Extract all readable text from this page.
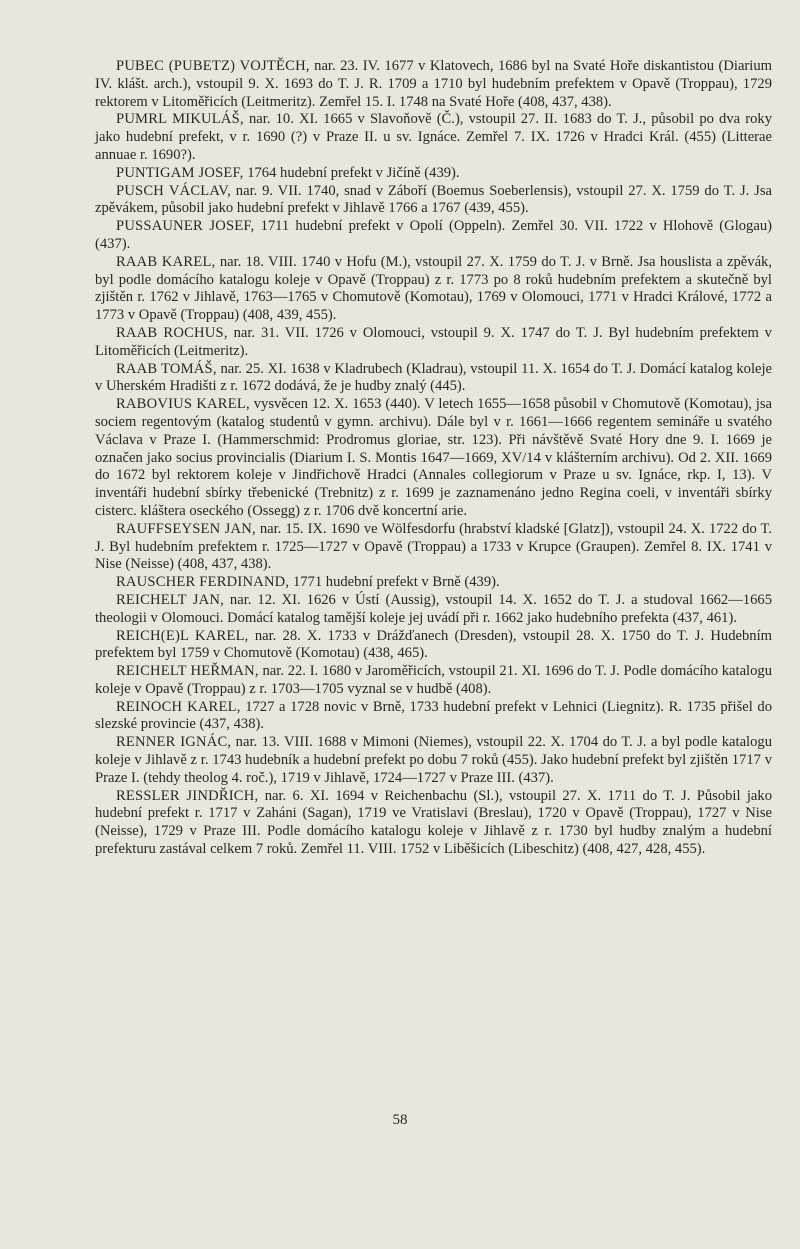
PUBEC (PUBETZ) VOJTĚCH, nar. 23. IV. 1677 v Klatovech, 1686 byl na Svaté Hoře diskantistou (Diarium IV. klášt. arch.), vstoupil 9. X. 1693 do T. J. R. 1709 a 1710 byl hudebním prefektem v Opavě (Troppau), 1729 rektorem v Litoměřicích (Leitmeritz). Zemřel 15. I. 1748 na Svaté Hoře (408, 437, 438).

PUMRL MIKULÁŠ, nar. 10. XI. 1665 v Slavoňově (Č.), vstoupil 27. II. 1683 do T. J., působil po dva roky jako hudební prefekt, v r. 1690 (?) v Praze II. u sv. Ignáce. Zemřel 7. IX. 1726 v Hradci Král. (455) (Litterae annuae r. 1690?).

PUNTIGAM JOSEF, 1764 hudební prefekt v Jičíně (439).

PUSCH VÁCLAV, nar. 9. VII. 1740, snad v Záboří (Boemus Soeberlensis), vstoupil 27. X. 1759 do T. J. Jsa zpěvákem, působil jako hudební prefekt v Jihlavě 1766 a 1767 (439, 455).

PUSSAUNER JOSEF, 1711 hudební prefekt v Opolí (Oppeln). Zemřel 30. VII. 1722 v Hlohově (Glogau) (437).

RAAB KAREL, nar. 18. VIII. 1740 v Hofu (M.), vstoupil 27. X. 1759 do T. J. v Brně. Jsa houslista a zpěvák, byl podle domácího katalogu koleje v Opavě (Troppau) z r. 1773 po 8 roků hudebním prefektem a skutečně byl zjištěn r. 1762 v Jihlavě, 1763—1765 v Chomutově (Komotau), 1769 v Olomouci, 1771 v Hradci Králové, 1772 a 1773 v Opavě (Troppau) (408, 439, 455).

RAAB ROCHUS, nar. 31. VII. 1726 v Olomouci, vstoupil 9. X. 1747 do T. J. Byl hudebním prefektem v Litoměřicích (Leitmeritz).

RAAB TOMÁŠ, nar. 25. XI. 1638 v Kladrubech (Kladrau), vstoupil 11. X. 1654 do T. J. Domácí katalog koleje v Uherském Hradišti z r. 1672 dodává, že je hudby znalý (445).

RABOVIUS KAREL, vysvěcen 12. X. 1653 (440). V letech 1655—1658 působil v Chomutově (Komotau), jsa sociem regentovým (katalog studentů v gymn. archivu). Dále byl v r. 1661—1666 regentem semináře u svatého Václava v Praze I. (Hammerschmid: Prodromus gloriae, str. 123). Při návštěvě Svaté Hory dne 9. I. 1669 je označen jako socius provincialis (Diarium I. S. Montis 1647—1669, XV/14 v klášterním archivu). Od 2. XII. 1669 do 1672 byl rektorem koleje v Jindřichově Hradci (Annales collegiorum v Praze u sv. Ignáce, rkp. I, 13). V inventáři hudební sbírky třebenické (Trebnitz) z r. 1699 je zaznamenáno jedno Regina coeli, v inventáři sbírky cisterc. kláštera oseckého (Ossegg) z r. 1706 dvě koncertní arie.

RAUFFSEYSEN JAN, nar. 15. IX. 1690 ve Wölfesdorfu (hrabství kladské [Glatz]), vstoupil 24. X. 1722 do T. J. Byl hudebním prefektem r. 1725—1727 v Opavě (Troppau) a 1733 v Krupce (Graupen). Zemřel 8. IX. 1741 v Nise (Neisse) (408, 437, 438).

RAUSCHER FERDINAND, 1771 hudební prefekt v Brně (439).

REICHELT JAN, nar. 12. XI. 1626 v Ústí (Aussig), vstoupil 14. X. 1652 do T. J. a studoval 1662—1665 theologii v Olomouci. Domácí katalog tamější koleje jej uvádí při r. 1662 jako hudebního prefekta (437, 461).

REICH(E)L KAREL, nar. 28. X. 1733 v Drážďanech (Dresden), vstoupil 28. X. 1750 do T. J. Hudebním prefektem byl 1759 v Chomutově (Komotau) (438, 465).

REICHELT HEŘMAN, nar. 22. I. 1680 v Jaroměřicích, vstoupil 21. XI. 1696 do T. J. Podle domácího katalogu koleje v Opavě (Troppau) z r. 1703—1705 vyznal se v hudbě (408).

REINOCH KAREL, 1727 a 1728 novic v Brně, 1733 hudební prefekt v Lehnici (Liegnitz). R. 1735 přišel do slezské provincie (437, 438).

RENNER IGNÁC, nar. 13. VIII. 1688 v Mimoni (Niemes), vstoupil 22. X. 1704 do T. J. a byl podle katalogu koleje v Jihlavě z r. 1743 hudebník a hudební prefekt po dobu 7 roků (455). Jako hudební prefekt byl zjištěn 1717 v Praze I. (tehdy theolog 4. roč.), 1719 v Jihlavě, 1724—1727 v Praze III. (437).

RESSLER JINDŘICH, nar. 6. XI. 1694 v Reichenbachu (Sl.), vstoupil 27. X. 1711 do T. J. Působil jako hudební prefekt r. 1717 v Zaháni (Sagan), 1719 ve Vratislavi (Breslau), 1720 v Opavě (Troppau), 1727 v Nise (Neisse), 1729 v Praze III. Podle domácího katalogu koleje v Jihlavě z r. 1730 byl hudby znalým a hudební prefekturu zastával celkem 7 roků. Zemřel 11. VIII. 1752 v Liběšicích (Libeschitz) (408, 427, 428, 455).

58
